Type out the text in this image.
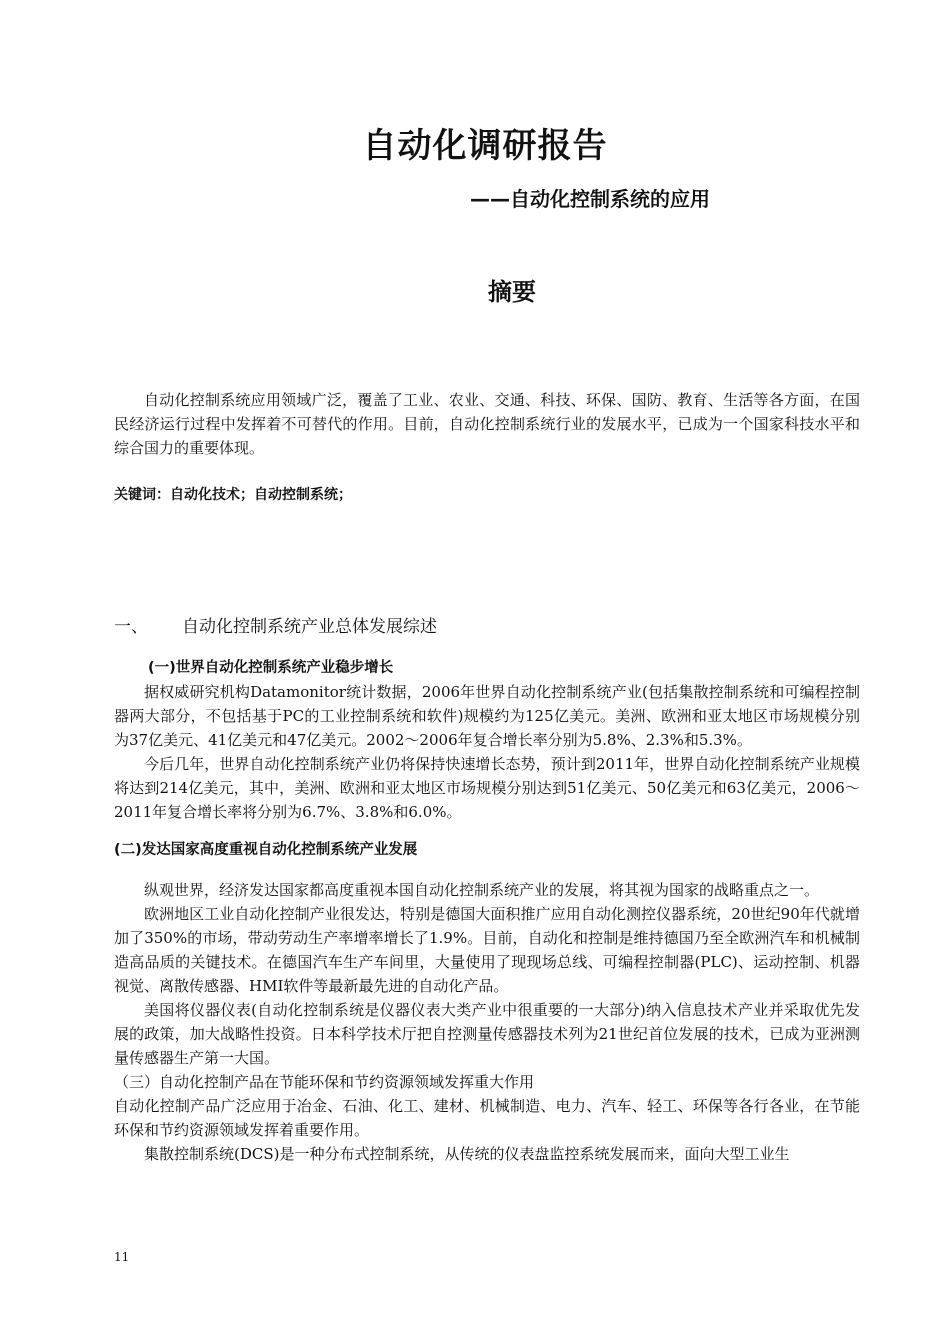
自动化调研报告
——自动化控制系统的应用
摘要

自动化控制系统应用领域广泛，覆盖了工业、农业、交通、科技、环保、国防、教育、生活等各方面，在国民经济运行过程中发挥着不可替代的作用。目前，自动化控制系统行业的发展水平，已成为一个国家科技水平和综合国力的重要体现。

关键词：自动化技术；自动控制系统；
一、 自动化控制系统产业总体发展综述

(一)世界自动化控制系统产业稳步增长

据权威研究机构Datamonitor统计数据，2006年世界自动化控制系统产业(包括集散控制系统和可编程控制器两大部分，不包括基于PC的工业控制系统和软件)规模约为125亿美元。美洲、欧洲和亚太地区市场规模分别为37亿美元、41亿美元和47亿美元。2002～2006年复合增长率分别为5.8%、2.3%和5.3%。

今后几年，世界自动化控制系统产业仍将保持快速增长态势，预计到2011年，世界自动化控制系统产业规模将达到214亿美元，其中，美洲、欧洲和亚太地区市场规模分别达到51亿美元、50亿美元和63亿美元，2006～2011年复合增长率将分别为6.7%、3.8%和6.0%。

(二)发达国家高度重视自动化控制系统产业发展

纵观世界，经济发达国家都高度重视本国自动化控制系统产业的发展，将其视为国家的战略重点之一。

欧洲地区工业自动化控制产业很发达，特别是德国大面积推广应用自动化测控仪器系统，20世纪90年代就增加了350%的市场，带动劳动生产率增率增长了1.9%。目前，自动化和控制是维持德国乃至全欧洲汽车和机械制造高品质的关键技术。在德国汽车生产车间里，大量使用了现现场总线、可编程控制器(PLC)、运动控制、机器视觉、离散传感器、HMI软件等最新最先进的自动化产品。

美国将仪器仪表(自动化控制系统是仪器仪表大类产业中很重要的一大部分)纳入信息技术产业并采取优先发展的政策，加大战略性投资。日本科学技术厅把自控测量传感器技术列为21世纪首位发展的技术，已成为亚洲测量传感器生产第一大国。

（三）自动化控制产品在节能环保和节约资源领域发挥重大作用

自动化控制产品广泛应用于冶金、石油、化工、建材、机械制造、电力、汽车、轻工、环保等各行各业，在节能环保和节约资源领域发挥着重要作用。

集散控制系统(DCS)是一种分布式控制系统，从传统的仪表盘监控系统发展而来，面向大型工业生

11
